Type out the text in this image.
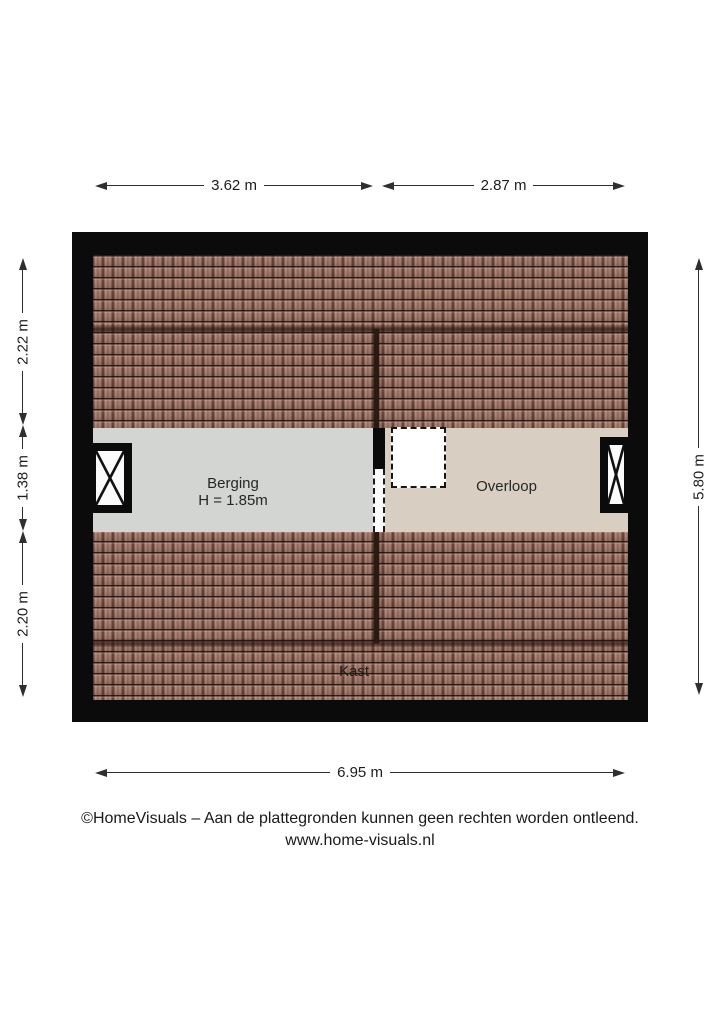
3.62 m	2.87 m
2.22 m
1.38 m
2.20 m
5.80 m
Berging
H = 1.85m
Overloop
Kast
6.95 m
©HomeVisuals – Aan de plattegronden kunnen geen rechten worden ontleend.
www.home-visuals.nl
